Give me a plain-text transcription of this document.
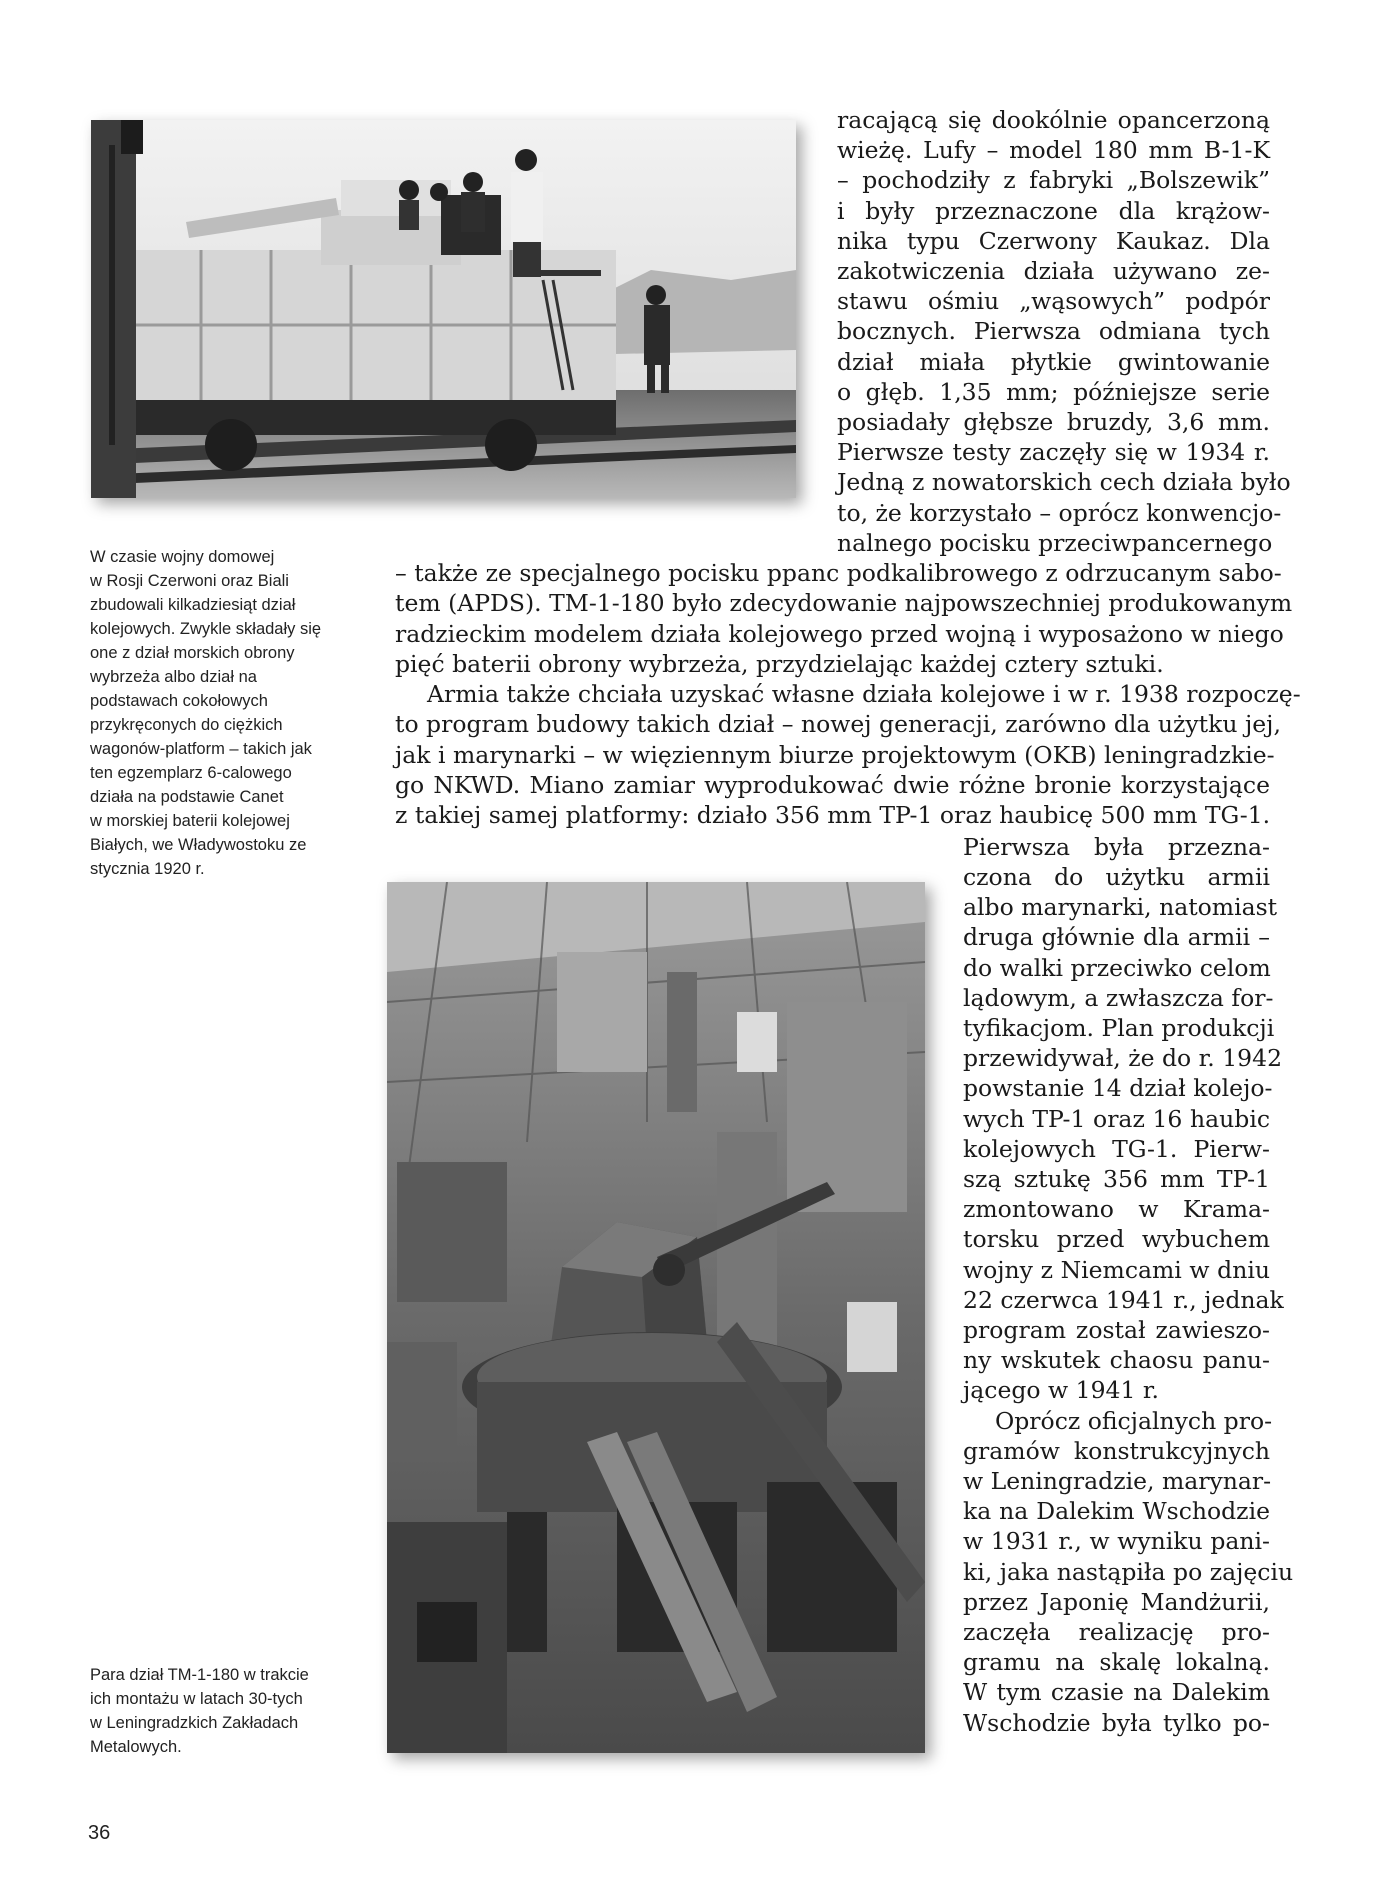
W czasie wojny domowej
w Rosji Czerwoni oraz Biali
zbudowali kilkadziesiąt dział
kolejowych. Zwykle składały się
one z dział morskich obrony
wybrzeża albo dział na
podstawach cokołowych
przykręconych do ciężkich
wagonów-platform – takich jak
ten egzemplarz 6-calowego
działa na podstawie Canet
w morskiej baterii kolejowej
Białych, we Władywostoku ze
stycznia 1920 r.
racającą się dookólnie opancerzoną
wieżę. Lufy – model 180 mm B-1-K
– pochodziły z fabryki „Bolszewik”
i były przeznaczone dla krążow-
nika typu Czerwony Kaukaz. Dla
zakotwiczenia działa używano ze-
stawu ośmiu „wąsowych” podpór
bocznych. Pierwsza odmiana tych
dział miała płytkie gwintowanie
o głęb. 1,35 mm; późniejsze serie
posiadały głębsze bruzdy, 3,6 mm.
Pierwsze testy zaczęły się w 1934 r.
Jedną z nowatorskich cech działa było
to, że korzystało – oprócz konwencjo-
nalnego pocisku przeciwpancernego
– także ze specjalnego pocisku ppanc podkalibrowego z odrzucanym sabo-
tem (APDS). TM-1-180 było zdecydowanie najpowszechniej produkowanym
radzieckim modelem działa kolejowego przed wojną i wyposażono w niego
pięć baterii obrony wybrzeża, przydzielając każdej cztery sztuki.
Armia także chciała uzyskać własne działa kolejowe i w r. 1938 rozpoczę-
to program budowy takich dział – nowej generacji, zarówno dla użytku jej,
jak i marynarki – w więziennym biurze projektowym (OKB) leningradzkie-
go NKWD. Miano zamiar wyprodukować dwie różne bronie korzystające
z takiej samej platformy: działo 356 mm TP-1 oraz haubicę 500 mm TG-1.
Para dział TM-1-180 w trakcie
ich montażu w latach 30-tych
w Leningradzkich Zakładach
Metalowych.
Pierwsza była przezna-
czona do użytku armii
albo marynarki, natomiast
druga głównie dla armii –
do walki przeciwko celom
lądowym, a zwłaszcza for-
tyfikacjom. Plan produkcji
przewidywał, że do r. 1942
powstanie 14 dział kolejo-
wych TP-1 oraz 16 haubic
kolejowych TG-1. Pierw-
szą sztukę 356 mm TP-1
zmontowano w Krama-
torsku przed wybuchem
wojny z Niemcami w dniu
22 czerwca 1941 r., jednak
program został zawieszo-
ny wskutek chaosu panu-
jącego w 1941 r.
Oprócz oficjalnych pro-
gramów konstrukcyjnych
w Leningradzie, marynar-
ka na Dalekim Wschodzie
w 1931 r., w wyniku pani-
ki, jaka nastąpiła po zajęciu
przez Japonię Mandżurii,
zaczęła realizację pro-
gramu na skalę lokalną.
W tym czasie na Dalekim
Wschodzie była tylko po-
36
